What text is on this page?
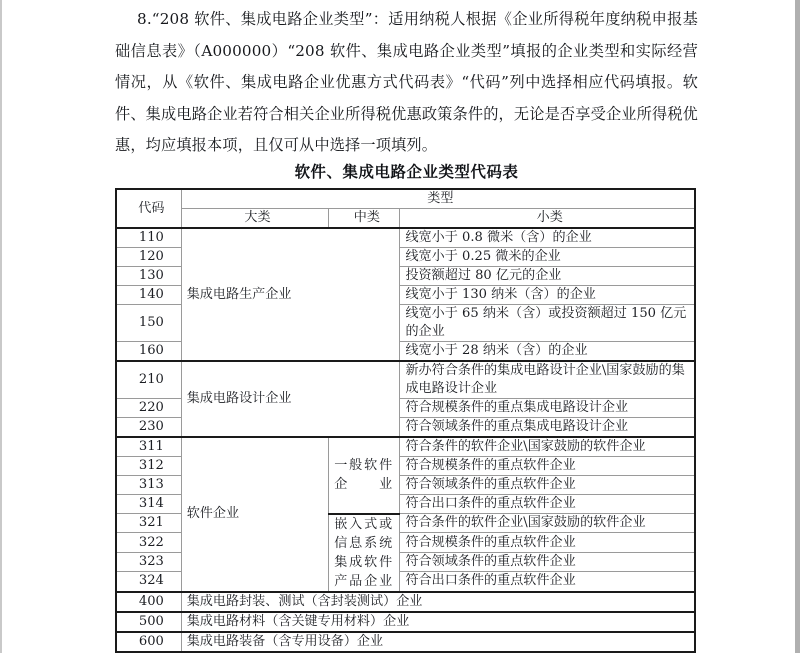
8.“208 软件、集成电路企业类型”：适用纳税人根据《企业所得税年度纳税申报基础信息表》（A000000）“208 软件、集成电路企业类型”填报的企业类型和实际经营情况，从《软件、集成电路企业优惠方式代码表》“代码”列中选择相应代码填报。软件、集成电路企业若符合相关企业所得税优惠政策条件的，无论是否享受企业所得税优惠，均应填报本项，且仅可从中选择一项填列。
软件、集成电路企业类型代码表
代码	类型		
	大类	中类	小类
110	集成电路生产企业		线宽小于 0.8 微米（含）的企业
120			线宽小于 0.25 微米的企业
130			投资额超过 80 亿元的企业
140			线宽小于 130 纳米（含）的企业
150			线宽小于 65 纳米（含）或投资额超过 150 亿元的企业
160			线宽小于 28 纳米（含）的企业
210	集成电路设计企业		新办符合条件的集成电路设计企业\国家鼓励的集成电路设计企业
220			符合规模条件的重点集成电路设计企业
230			符合领域条件的重点集成电路设计企业
311	软件企业	一般软件企业	符合条件的软件企业\国家鼓励的软件企业
312			符合规模条件的重点软件企业
313			符合领域条件的重点软件企业
314			符合出口条件的重点软件企业
321		嵌入式或信息系统集成软件产品企业	符合条件的软件企业\国家鼓励的软件企业
322			符合规模条件的重点软件企业
323			符合领域条件的重点软件企业
324			符合出口条件的重点软件企业
400	集成电路封装、测试（含封装测试）企业		
500	集成电路材料（含关键专用材料）企业		
600	集成电路装备（含专用设备）企业		
